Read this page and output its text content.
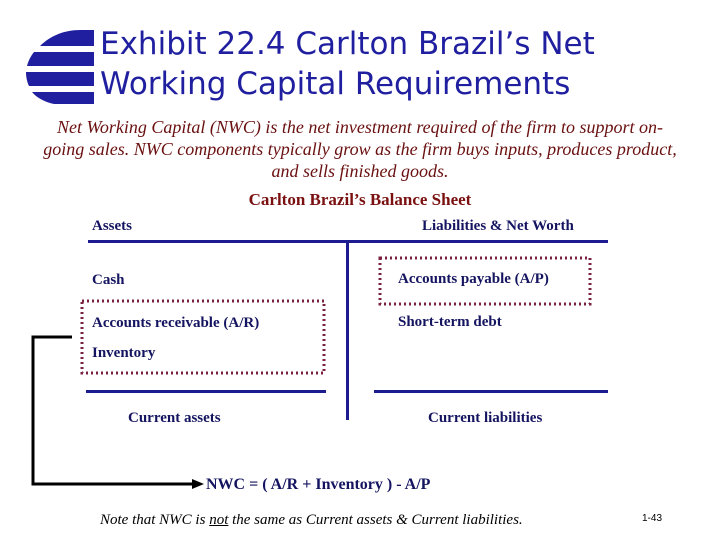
Exhibit 22.4 Carlton Brazil’s Net Working Capital Requirements
Net Working Capital (NWC) is the net investment required of the firm to support on-going sales. NWC components typically grow as the firm buys inputs, produces product, and sells finished goods.
Carlton Brazil’s Balance Sheet
Assets	Liabilities & Net Worth
Cash
Accounts receivable (A/R)
Inventory
Accounts payable (A/P)
Short-term debt
Current assets	Current liabilities
NWC = ( A/R + Inventory ) - A/P
Note that NWC is not the same as Current assets & Current liabilities.	1-43
